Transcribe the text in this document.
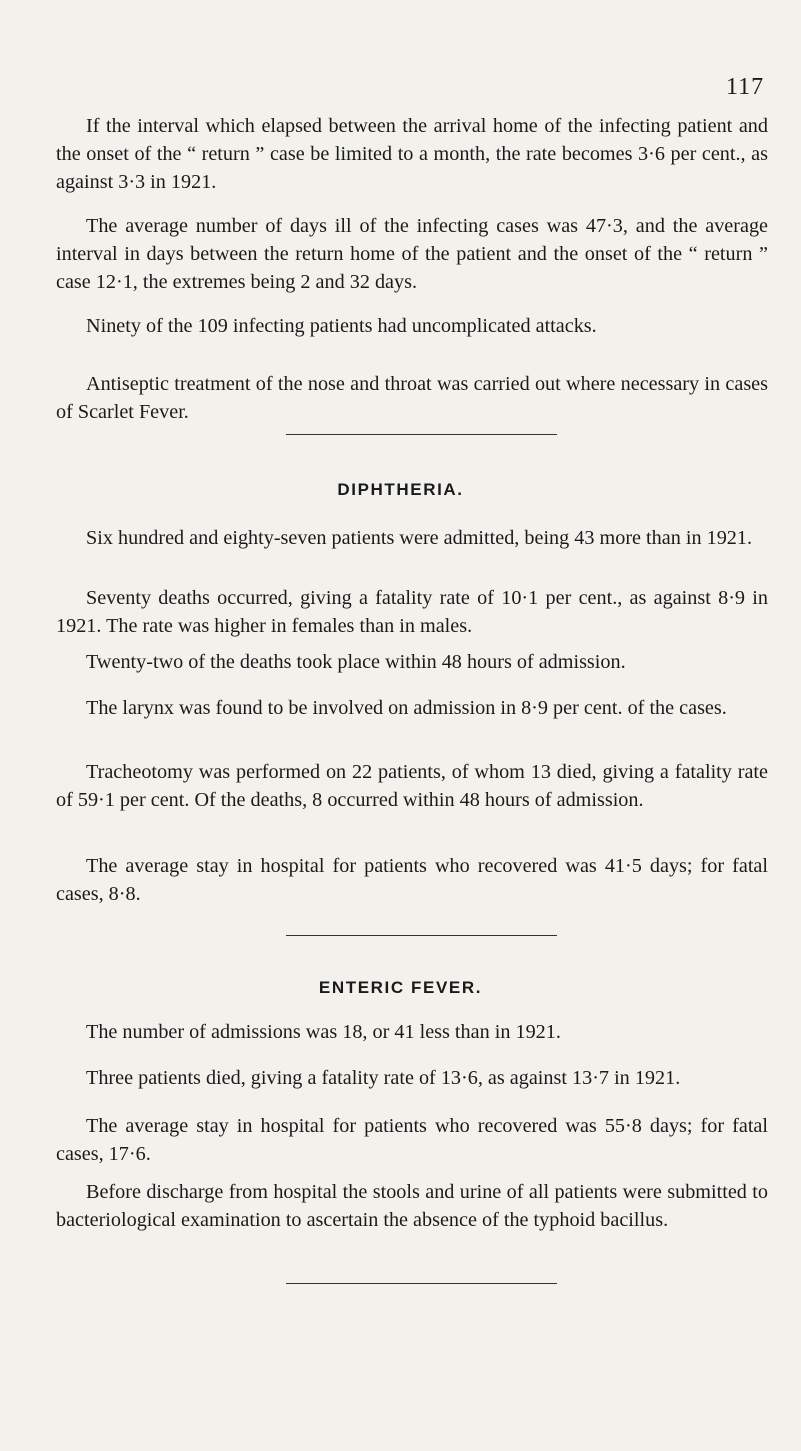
117

If the interval which elapsed between the arrival home of the infecting patient and the onset of the “ return ” case be limited to a month, the rate becomes 3·6 per cent., as against 3·3 in 1921.

The average number of days ill of the infecting cases was 47·3, and the average interval in days between the return home of the patient and the onset of the “ return ” case 12·1, the extremes being 2 and 32 days.

Ninety of the 109 infecting patients had uncomplicated attacks.

Antiseptic treatment of the nose and throat was carried out where necessary in cases of Scarlet Fever.

DIPHTHERIA.

Six hundred and eighty-seven patients were admitted, being 43 more than in 1921.

Seventy deaths occurred, giving a fatality rate of 10·1 per cent., as against 8·9 in 1921. The rate was higher in females than in males.

Twenty-two of the deaths took place within 48 hours of admission.

The larynx was found to be involved on admission in 8·9 per cent. of the cases.

Tracheotomy was performed on 22 patients, of whom 13 died, giving a fatality rate of 59·1 per cent. Of the deaths, 8 occurred within 48 hours of admission.

The average stay in hospital for patients who recovered was 41·5 days; for fatal cases, 8·8.

ENTERIC FEVER.

The number of admissions was 18, or 41 less than in 1921.

Three patients died, giving a fatality rate of 13·6, as against 13·7 in 1921.

The average stay in hospital for patients who recovered was 55·8 days; for fatal cases, 17·6.

Before discharge from hospital the stools and urine of all patients were submitted to bacteriological examination to ascertain the absence of the typhoid bacillus.
